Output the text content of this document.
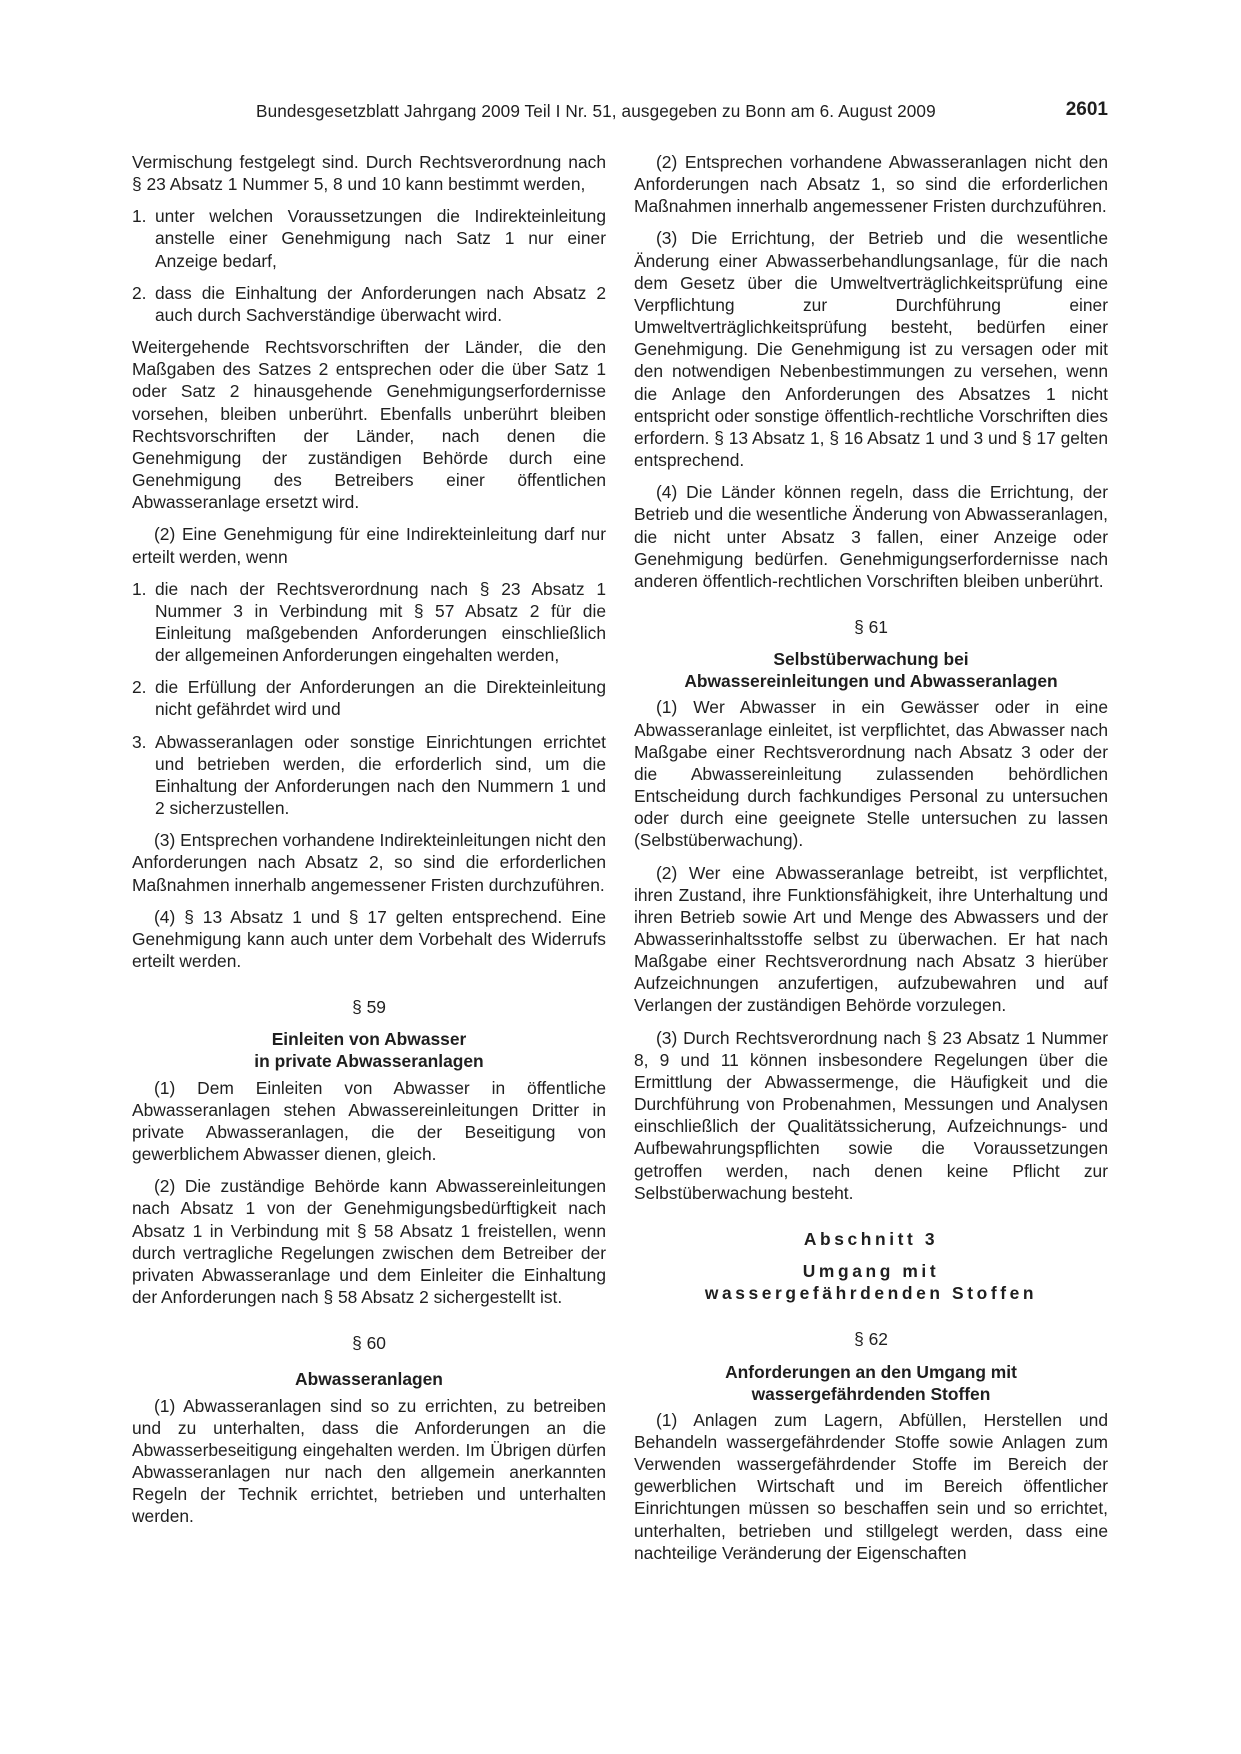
Bundesgesetzblatt Jahrgang 2009 Teil I Nr. 51, ausgegeben zu Bonn am 6. August 2009	2601

Vermischung festgelegt sind. Durch Rechtsverordnung nach § 23 Absatz 1 Nummer 5, 8 und 10 kann bestimmt werden,

1. unter welchen Voraussetzungen die Indirekteinleitung anstelle einer Genehmigung nach Satz 1 nur einer Anzeige bedarf,
2. dass die Einhaltung der Anforderungen nach Absatz 2 auch durch Sachverständige überwacht wird.

Weitergehende Rechtsvorschriften der Länder, die den Maßgaben des Satzes 2 entsprechen oder die über Satz 1 oder Satz 2 hinausgehende Genehmigungserfordernisse vorsehen, bleiben unberührt. Ebenfalls unberührt bleiben Rechtsvorschriften der Länder, nach denen die Genehmigung der zuständigen Behörde durch eine Genehmigung des Betreibers einer öffentlichen Abwasseranlage ersetzt wird.

(2) Eine Genehmigung für eine Indirekteinleitung darf nur erteilt werden, wenn

1. die nach der Rechtsverordnung nach § 23 Absatz 1 Nummer 3 in Verbindung mit § 57 Absatz 2 für die Einleitung maßgebenden Anforderungen einschließlich der allgemeinen Anforderungen eingehalten werden,
2. die Erfüllung der Anforderungen an die Direkteinleitung nicht gefährdet wird und
3. Abwasseranlagen oder sonstige Einrichtungen errichtet und betrieben werden, die erforderlich sind, um die Einhaltung der Anforderungen nach den Nummern 1 und 2 sicherzustellen.

(3) Entsprechen vorhandene Indirekteinleitungen nicht den Anforderungen nach Absatz 2, so sind die erforderlichen Maßnahmen innerhalb angemessener Fristen durchzuführen.

(4) § 13 Absatz 1 und § 17 gelten entsprechend. Eine Genehmigung kann auch unter dem Vorbehalt des Widerrufs erteilt werden.

§ 59
Einleiten von Abwasser
in private Abwasseranlagen

(1) Dem Einleiten von Abwasser in öffentliche Abwasseranlagen stehen Abwassereinleitungen Dritter in private Abwasseranlagen, die der Beseitigung von gewerblichem Abwasser dienen, gleich.

(2) Die zuständige Behörde kann Abwassereinleitungen nach Absatz 1 von der Genehmigungsbedürftigkeit nach Absatz 1 in Verbindung mit § 58 Absatz 1 freistellen, wenn durch vertragliche Regelungen zwischen dem Betreiber der privaten Abwasseranlage und dem Einleiter die Einhaltung der Anforderungen nach § 58 Absatz 2 sichergestellt ist.

§ 60
Abwasseranlagen

(1) Abwasseranlagen sind so zu errichten, zu betreiben und zu unterhalten, dass die Anforderungen an die Abwasserbeseitigung eingehalten werden. Im Übrigen dürfen Abwasseranlagen nur nach den allgemein anerkannten Regeln der Technik errichtet, betrieben und unterhalten werden.

(2) Entsprechen vorhandene Abwasseranlagen nicht den Anforderungen nach Absatz 1, so sind die erforderlichen Maßnahmen innerhalb angemessener Fristen durchzuführen.

(3) Die Errichtung, der Betrieb und die wesentliche Änderung einer Abwasserbehandlungsanlage, für die nach dem Gesetz über die Umweltverträglichkeitsprüfung eine Verpflichtung zur Durchführung einer Umweltverträglichkeitsprüfung besteht, bedürfen einer Genehmigung. Die Genehmigung ist zu versagen oder mit den notwendigen Nebenbestimmungen zu versehen, wenn die Anlage den Anforderungen des Absatzes 1 nicht entspricht oder sonstige öffentlich-rechtliche Vorschriften dies erfordern. § 13 Absatz 1, § 16 Absatz 1 und 3 und § 17 gelten entsprechend.

(4) Die Länder können regeln, dass die Errichtung, der Betrieb und die wesentliche Änderung von Abwasseranlagen, die nicht unter Absatz 3 fallen, einer Anzeige oder Genehmigung bedürfen. Genehmigungserfordernisse nach anderen öffentlich-rechtlichen Vorschriften bleiben unberührt.

§ 61
Selbstüberwachung bei
Abwassereinleitungen und Abwasseranlagen

(1) Wer Abwasser in ein Gewässer oder in eine Abwasseranlage einleitet, ist verpflichtet, das Abwasser nach Maßgabe einer Rechtsverordnung nach Absatz 3 oder der die Abwassereinleitung zulassenden behördlichen Entscheidung durch fachkundiges Personal zu untersuchen oder durch eine geeignete Stelle untersuchen zu lassen (Selbstüberwachung).

(2) Wer eine Abwasseranlage betreibt, ist verpflichtet, ihren Zustand, ihre Funktionsfähigkeit, ihre Unterhaltung und ihren Betrieb sowie Art und Menge des Abwassers und der Abwasserinhaltsstoffe selbst zu überwachen. Er hat nach Maßgabe einer Rechtsverordnung nach Absatz 3 hierüber Aufzeichnungen anzufertigen, aufzubewahren und auf Verlangen der zuständigen Behörde vorzulegen.

(3) Durch Rechtsverordnung nach § 23 Absatz 1 Nummer 8, 9 und 11 können insbesondere Regelungen über die Ermittlung der Abwassermenge, die Häufigkeit und die Durchführung von Probenahmen, Messungen und Analysen einschließlich der Qualitätssicherung, Aufzeichnungs- und Aufbewahrungspflichten sowie die Voraussetzungen getroffen werden, nach denen keine Pflicht zur Selbstüberwachung besteht.

Abschnitt 3
Umgang mit
wassergefährdenden Stoffen
§ 62
Anforderungen an den Umgang mit
wassergefährdenden Stoffen

(1) Anlagen zum Lagern, Abfüllen, Herstellen und Behandeln wassergefährdender Stoffe sowie Anlagen zum Verwenden wassergefährdender Stoffe im Bereich der gewerblichen Wirtschaft und im Bereich öffentlicher Einrichtungen müssen so beschaffen sein und so errichtet, unterhalten, betrieben und stillgelegt werden, dass eine nachteilige Veränderung der Eigenschaften
